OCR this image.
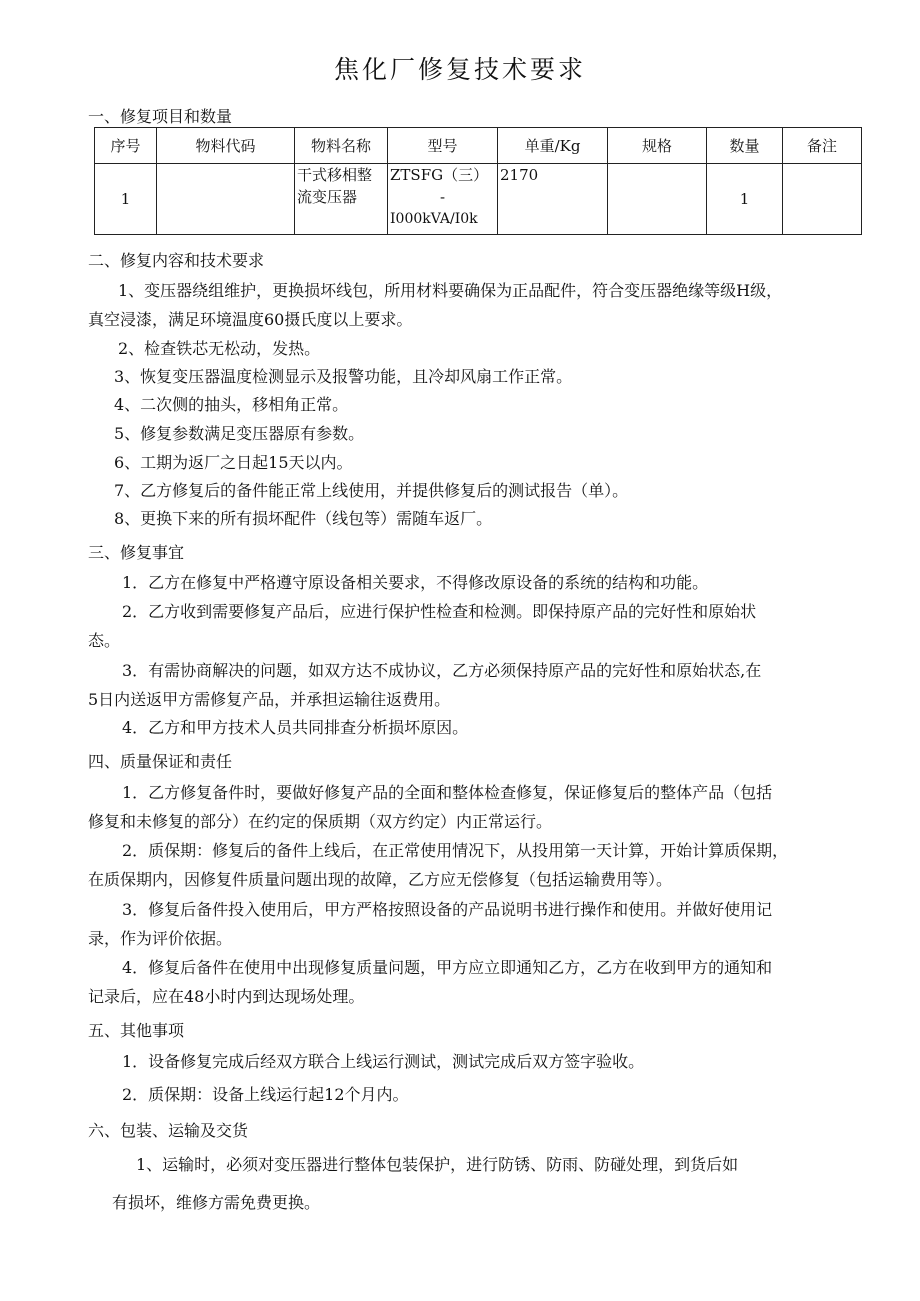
焦化厂修复技术要求
一、修复项目和数量
序号	物料代码	物料名称	型号	单重/Kg	规格	数量	备注
1		干式移相整流变压器	ZTSFG（三）
-
I000kVA/I0k	2170		1	
二、修复内容和技术要求
1、变压器绕组维护，更换损坏线包，所用材料要确保为正品配件，符合变压器绝缘等级H级，
真空浸漆，满足环境温度60摄氏度以上要求。
2、检查铁芯无松动，发热。
3、恢复变压器温度检测显示及报警功能，且冷却风扇工作正常。
4、二次侧的抽头，移相角正常。
5、修复参数满足变压器原有参数。
6、工期为返厂之日起15天以内。
7、乙方修复后的备件能正常上线使用，并提供修复后的测试报告（单）。
8、更换下来的所有损坏配件（线包等）需随车返厂。
三、修复事宜
1．乙方在修复中严格遵守原设备相关要求，不得修改原设备的系统的结构和功能。
2．乙方收到需要修复产品后，应进行保护性检查和检测。即保持原产品的完好性和原始状
态。
3．有需协商解决的问题，如双方达不成协议，乙方必须保持原产品的完好性和原始状态,在
5日内送返甲方需修复产品，并承担运输往返费用。
4．乙方和甲方技术人员共同排查分析损坏原因。
四、质量保证和责任
1．乙方修复备件时，要做好修复产品的全面和整体检查修复，保证修复后的整体产品（包括
修复和未修复的部分）在约定的保质期（双方约定）内正常运行。
2．质保期：修复后的备件上线后，在正常使用情况下，从投用第一天计算，开始计算质保期，
在质保期内，因修复件质量问题出现的故障，乙方应无偿修复（包括运输费用等）。
3．修复后备件投入使用后，甲方严格按照设备的产品说明书进行操作和使用。并做好使用记
录，作为评价依据。
4．修复后备件在使用中出现修复质量问题，甲方应立即通知乙方，乙方在收到甲方的通知和
记录后，应在48小时内到达现场处理。
五、其他事项
1．设备修复完成后经双方联合上线运行测试，测试完成后双方签字验收。
2．质保期：设备上线运行起12个月内。
六、包装、运输及交货
1、运输时，必须对变压器进行整体包装保护，进行防锈、防雨、防碰处理，到货后如
有损坏，维修方需免费更换。
